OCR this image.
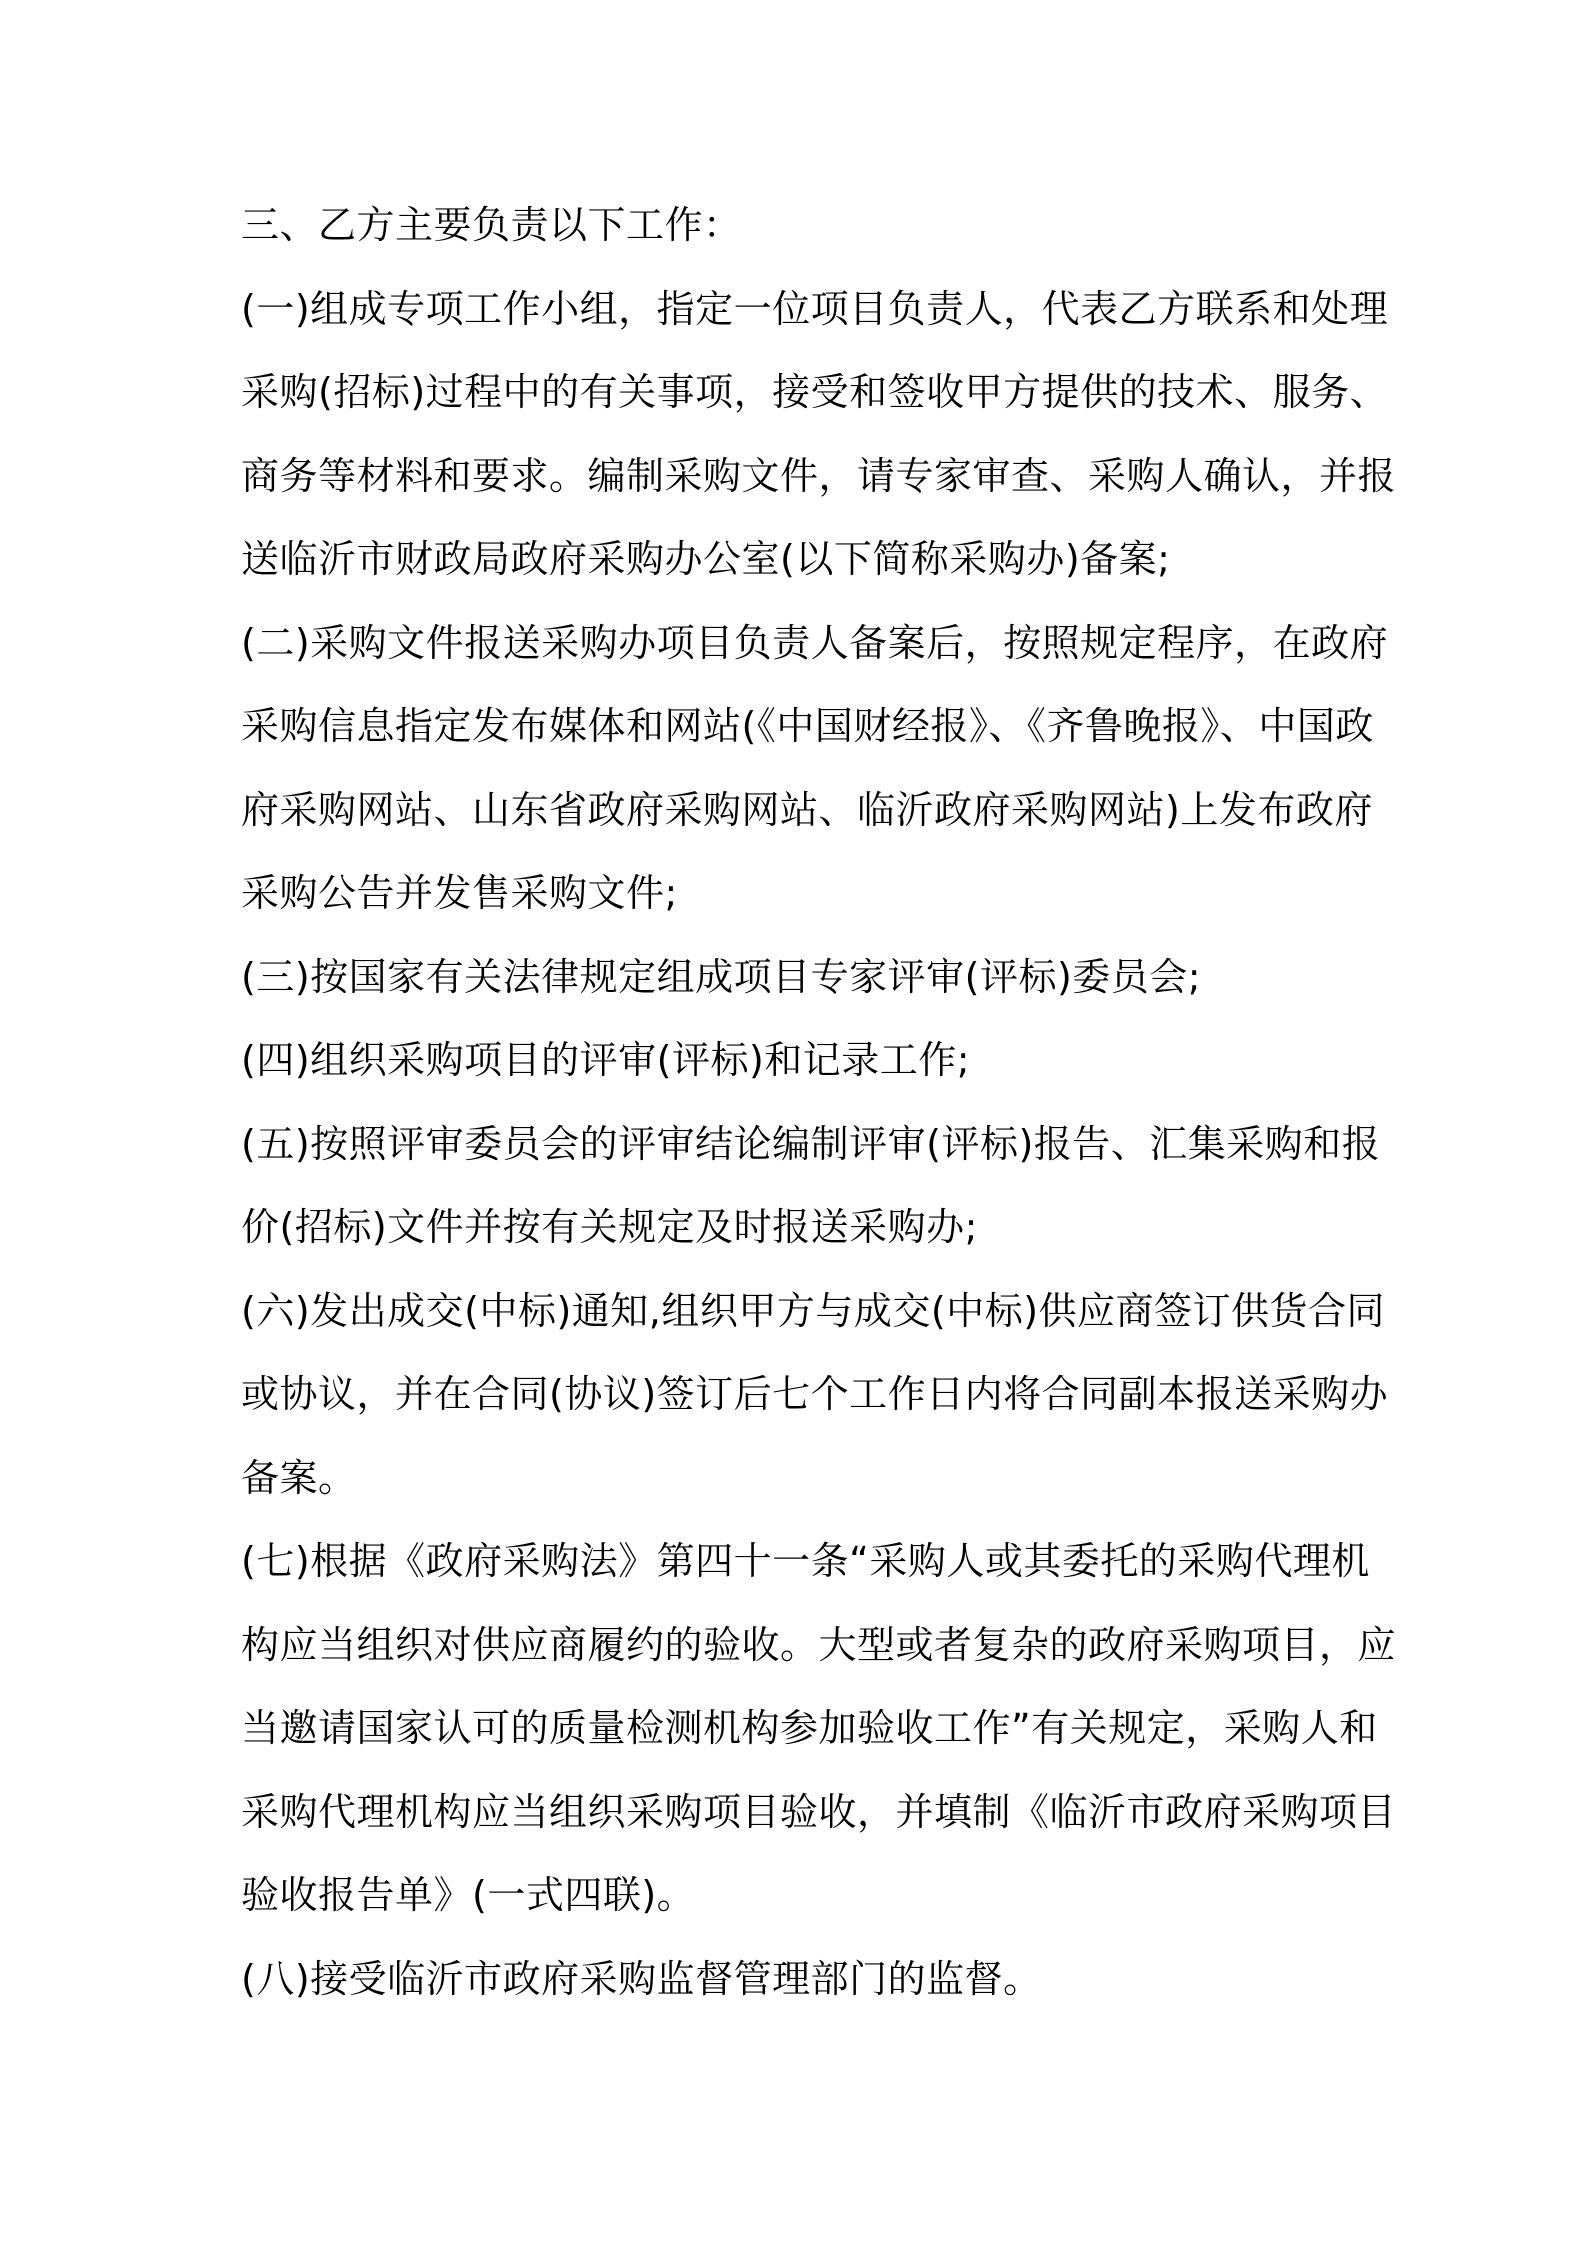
三、乙方主要负责以下工作：
(一)组成专项工作小组，指定一位项目负责人，代表乙方联系和处理
采购(招标)过程中的有关事项，接受和签收甲方提供的技术、服务、
商务等材料和要求。编制采购文件，请专家审查、采购人确认，并报
送临沂市财政局政府采购办公室(以下简称采购办)备案;
(二)采购文件报送采购办项目负责人备案后，按照规定程序，在政府
采购信息指定发布媒体和网站(《中国财经报》、《齐鲁晚报》、中国政
府采购网站、山东省政府采购网站、临沂政府采购网站)上发布政府
采购公告并发售采购文件;
(三)按国家有关法律规定组成项目专家评审(评标)委员会;
(四)组织采购项目的评审(评标)和记录工作;
(五)按照评审委员会的评审结论编制评审(评标)报告、汇集采购和报
价(招标)文件并按有关规定及时报送采购办;
(六)发出成交(中标)通知,组织甲方与成交(中标)供应商签订供货合同
或协议，并在合同(协议)签订后七个工作日内将合同副本报送采购办
备案。
(七)根据《政府采购法》第四十一条“采购人或其委托的采购代理机
构应当组织对供应商履约的验收。大型或者复杂的政府采购项目，应
当邀请国家认可的质量检测机构参加验收工作”有关规定，采购人和
采购代理机构应当组织采购项目验收，并填制《临沂市政府采购项目
验收报告单》(一式四联)。
(八)接受临沂市政府采购监督管理部门的监督。
